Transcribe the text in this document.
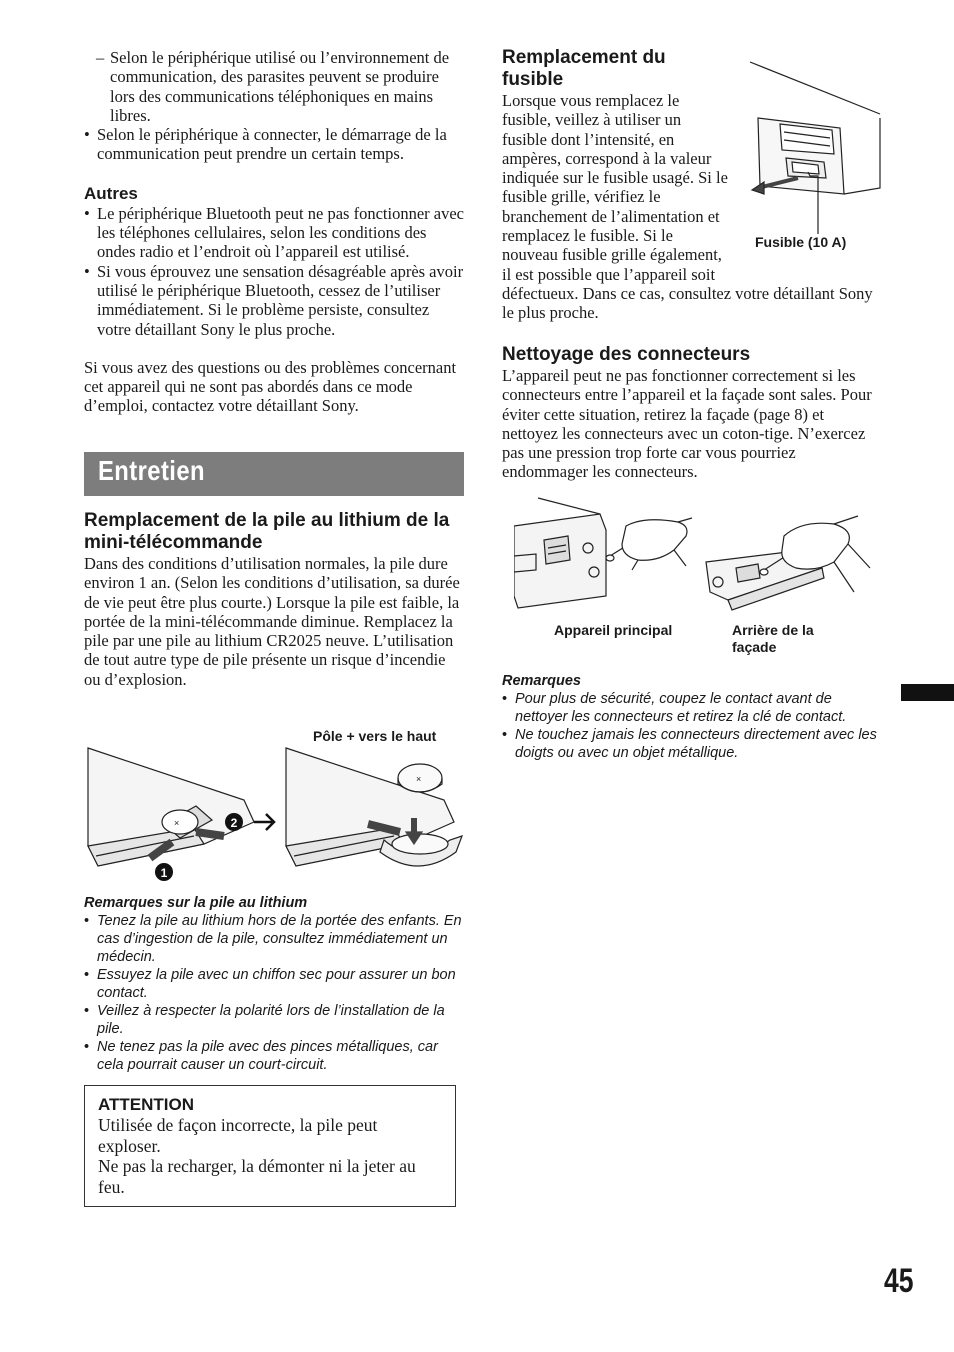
– Selon le périphérique utilisé ou l’environnement de communication, des parasites peuvent se produire lors des communications téléphoniques en mains libres.
• Selon le périphérique à connecter, le démarrage de la communication peut prendre un certain temps.
Autres
• Le périphérique Bluetooth peut ne pas fonctionner avec les téléphones cellulaires, selon les conditions des ondes radio et l’endroit où l’appareil est utilisé.
• Si vous éprouvez une sensation désagréable après avoir utilisé le périphérique Bluetooth, cessez de l’utiliser immédiatement. Si le problème persiste, consultez votre détaillant Sony le plus proche.

Si vous avez des questions ou des problèmes concernant cet appareil qui ne sont pas abordés dans ce mode d’emploi, contactez votre détaillant Sony.

Entretien
Remplacement de la pile au lithium de la mini-télécommande

Dans des conditions d’utilisation normales, la pile dure environ 1 an. (Selon les conditions d’utilisation, sa durée de vie peut être plus courte.) Lorsque la pile est faible, la portée de la mini-télécommande diminue. Remplacez la pile par une pile au lithium CR2025 neuve. L’utilisation de tout autre type de pile présente un risque d’incendie ou d’explosion.

Pôle + vers le haut
×
×
2
1

Remarques sur la pile au lithium

• Tenez la pile au lithium hors de la portée des enfants. En cas d’ingestion de la pile, consultez immédiatement un médecin.
• Essuyez la pile avec un chiffon sec pour assurer un bon contact.
• Veillez à respecter la polarité lors de l’installation de la pile.
• Ne tenez pas la pile avec des pinces métalliques, car cela pourrait causer un court-circuit.

ATTENTION

Utilisée de façon incorrecte, la pile peut exploser.

Ne pas la recharger, la démonter ni la jeter au feu.

Remplacement du fusible

Lorsque vous remplacez le fusible, veillez à utiliser un fusible dont l’intensité, en ampères, correspond à la valeur indiquée sur le fusible usagé. Si le fusible grille, vérifiez le branchement de l’alimentation et remplacez le fusible. Si le nouveau fusible grille également, il est possible que l’appareil soit défectueux. Dans ce cas, consultez votre détaillant Sony le plus proche.

Fusible (10 A)
Nettoyage des connecteurs

L’appareil peut ne pas fonctionner correctement si les connecteurs entre l’appareil et la façade sont sales. Pour éviter cette situation, retirez la façade (page 8) et nettoyez les connecteurs avec un coton-tige. N’exercez pas une pression trop forte car vous pourriez endommager les connecteurs.

Appareil principal	Arrière de la façade

Remarques

• Pour plus de sécurité, coupez le contact avant de nettoyer les connecteurs et retirez la clé de contact.
• Ne touchez jamais les connecteurs directement avec les doigts ou avec un objet métallique.
45
